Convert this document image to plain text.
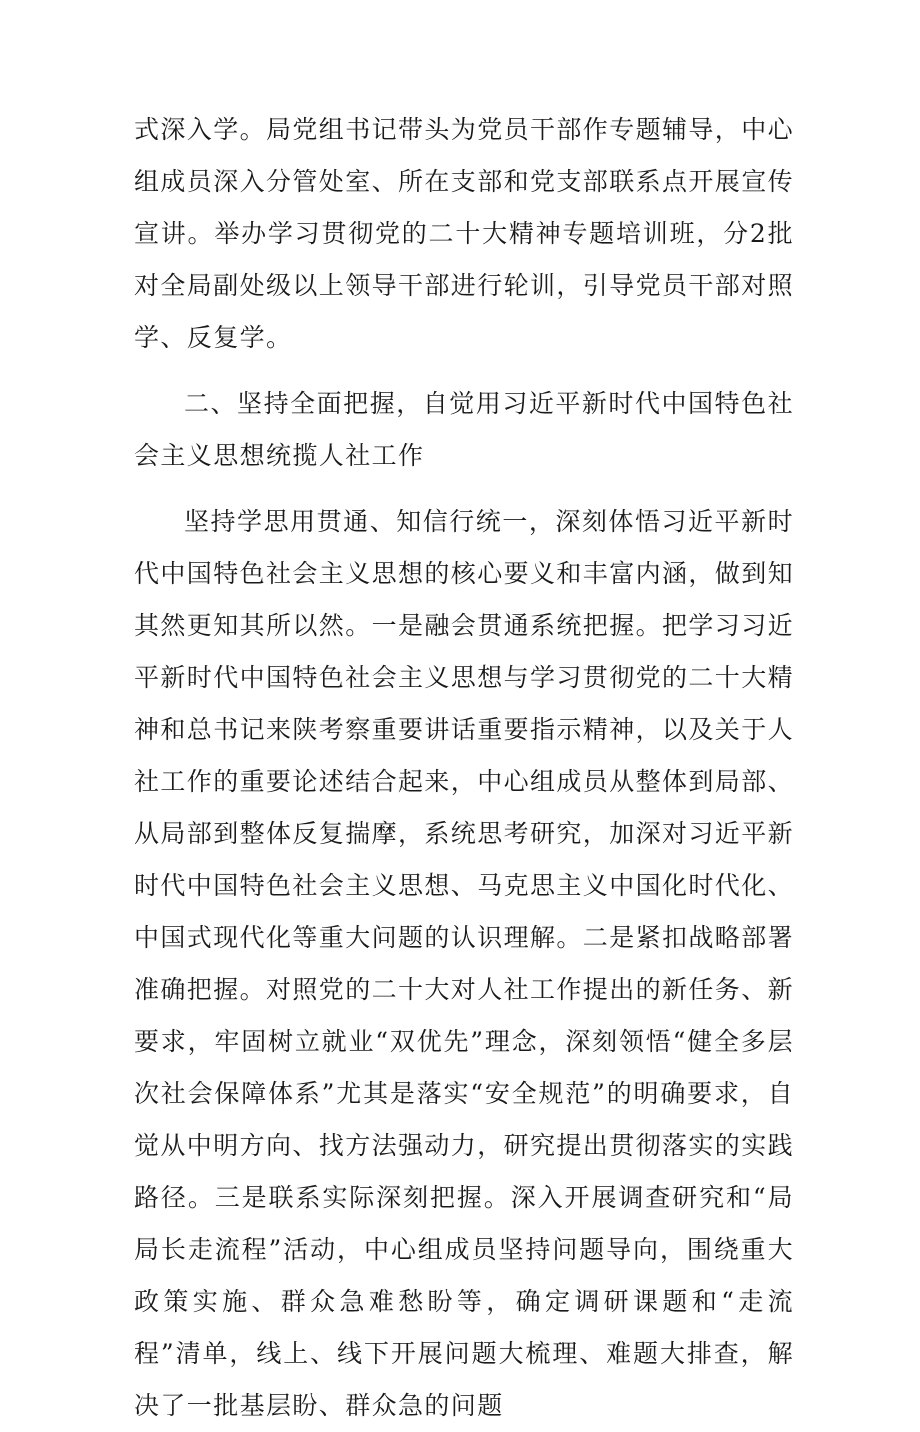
式深入学。局党组书记带头为党员干部作专题辅导，中心组成员深入分管处室、所在支部和党支部联系点开展宣传宣讲。举办学习贯彻党的二十大精神专题培训班，分2批对全局副处级以上领导干部进行轮训，引导党员干部对照学、反复学。

二、坚持全面把握，自觉用习近平新时代中国特色社会主义思想统揽人社工作

坚持学思用贯通、知信行统一，深刻体悟习近平新时代中国特色社会主义思想的核心要义和丰富内涵，做到知其然更知其所以然。一是融会贯通系统把握。把学习习近平新时代中国特色社会主义思想与学习贯彻党的二十大精神和总书记来陕考察重要讲话重要指示精神，以及关于人社工作的重要论述结合起来，中心组成员从整体到局部、从局部到整体反复揣摩，系统思考研究，加深对习近平新时代中国特色社会主义思想、马克思主义中国化时代化、中国式现代化等重大问题的认识理解。二是紧扣战略部署准确把握。对照党的二十大对人社工作提出的新任务、新要求，牢固树立就业“双优先”理念，深刻领悟“健全多层次社会保障体系”尤其是落实“安全规范”的明确要求，自觉从中明方向、找方法强动力，研究提出贯彻落实的实践路径。三是联系实际深刻把握。深入开展调查研究和“局局长走流程”活动，中心组成员坚持问题导向，围绕重大政策实施、群众急难愁盼等，确定调研课题和“走流程”清单，线上、线下开展问题大梳理、难题大排查，解决了一批基层盼、群众急的问题
